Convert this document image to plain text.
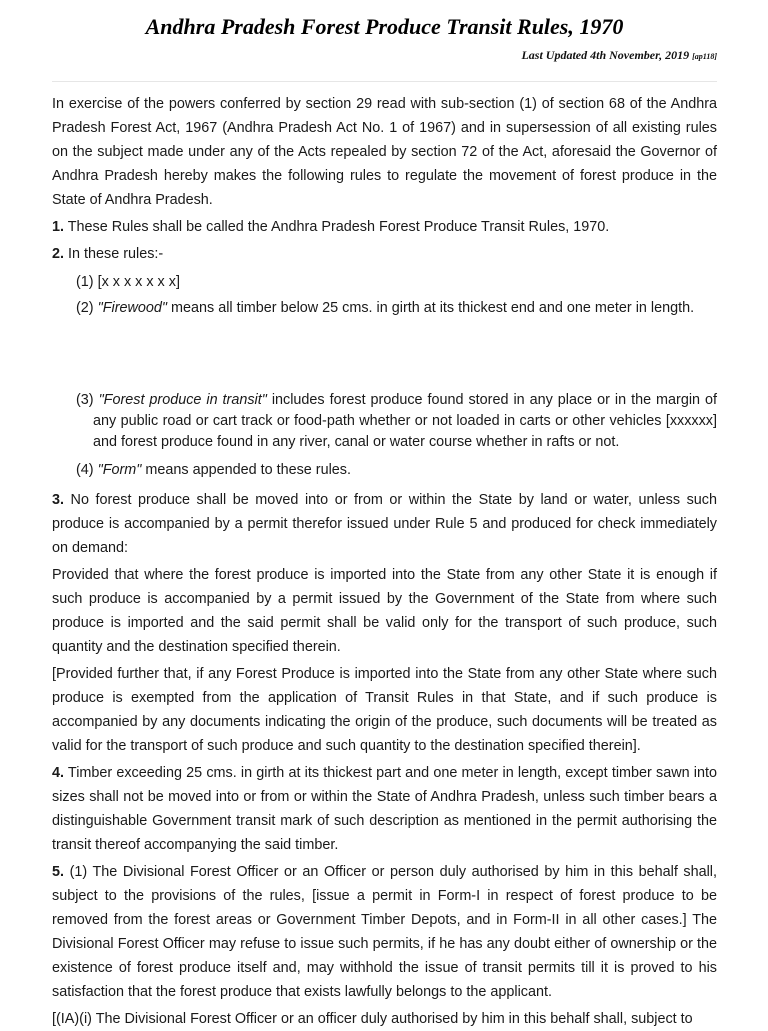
Andhra Pradesh Forest Produce Transit Rules, 1970
Last Updated 4th November, 2019 [ap118]

In exercise of the powers conferred by section 29 read with sub-section (1) of section 68 of the Andhra Pradesh Forest Act, 1967 (Andhra Pradesh Act No. 1 of 1967) and in supersession of all existing rules on the subject made under any of the Acts repealed by section 72 of the Act, aforesaid the Governor of Andhra Pradesh hereby makes the following rules to regulate the movement of forest produce in the State of Andhra Pradesh.

1. These Rules shall be called the Andhra Pradesh Forest Produce Transit Rules, 1970.

2. In these rules:-

(1) [x x x x x x x]
(2) "Firewood" means all timber below 25 cms. in girth at its thickest end and one meter in length.
(3) "Forest produce in transit" includes forest produce found stored in any place or in the margin of any public road or cart track or food-path whether or not loaded in carts or other vehicles [xxxxxx] and forest produce found in any river, canal or water course whether in rafts or not.
(4) "Form" means appended to these rules.

3. No forest produce shall be moved into or from or within the State by land or water, unless such produce is accompanied by a permit therefor issued under Rule 5 and produced for check immediately on demand:

Provided that where the forest produce is imported into the State from any other State it is enough if such produce is accompanied by a permit issued by the Government of the State from where such produce is imported and the said permit shall be valid only for the transport of such produce, such quantity and the destination specified therein.

[Provided further that, if any Forest Produce is imported into the State from any other State where such produce is exempted from the application of Transit Rules in that State, and if such produce is accompanied by any documents indicating the origin of the produce, such documents will be treated as valid for the transport of such produce and such quantity to the destination specified therein].

4. Timber exceeding 25 cms. in girth at its thickest part and one meter in length, except timber sawn into sizes shall not be moved into or from or within the State of Andhra Pradesh, unless such timber bears a distinguishable Government transit mark of such description as mentioned in the permit authorising the transit thereof accompanying the said timber.

5. (1) The Divisional Forest Officer or an Officer or person duly authorised by him in this behalf shall, subject to the provisions of the rules, [issue a permit in Form-I in respect of forest produce to be removed from the forest areas or Government Timber Depots, and in Form-II in all other cases.] The Divisional Forest Officer may refuse to issue such permits, if he has any doubt either of ownership or the existence of forest produce itself and, may withhold the issue of transit permits till it is proved to his satisfaction that the forest produce that exists lawfully belongs to the applicant.

[(IA)(i) The Divisional Forest Officer or an officer duly authorised by him in this behalf shall, subject to
